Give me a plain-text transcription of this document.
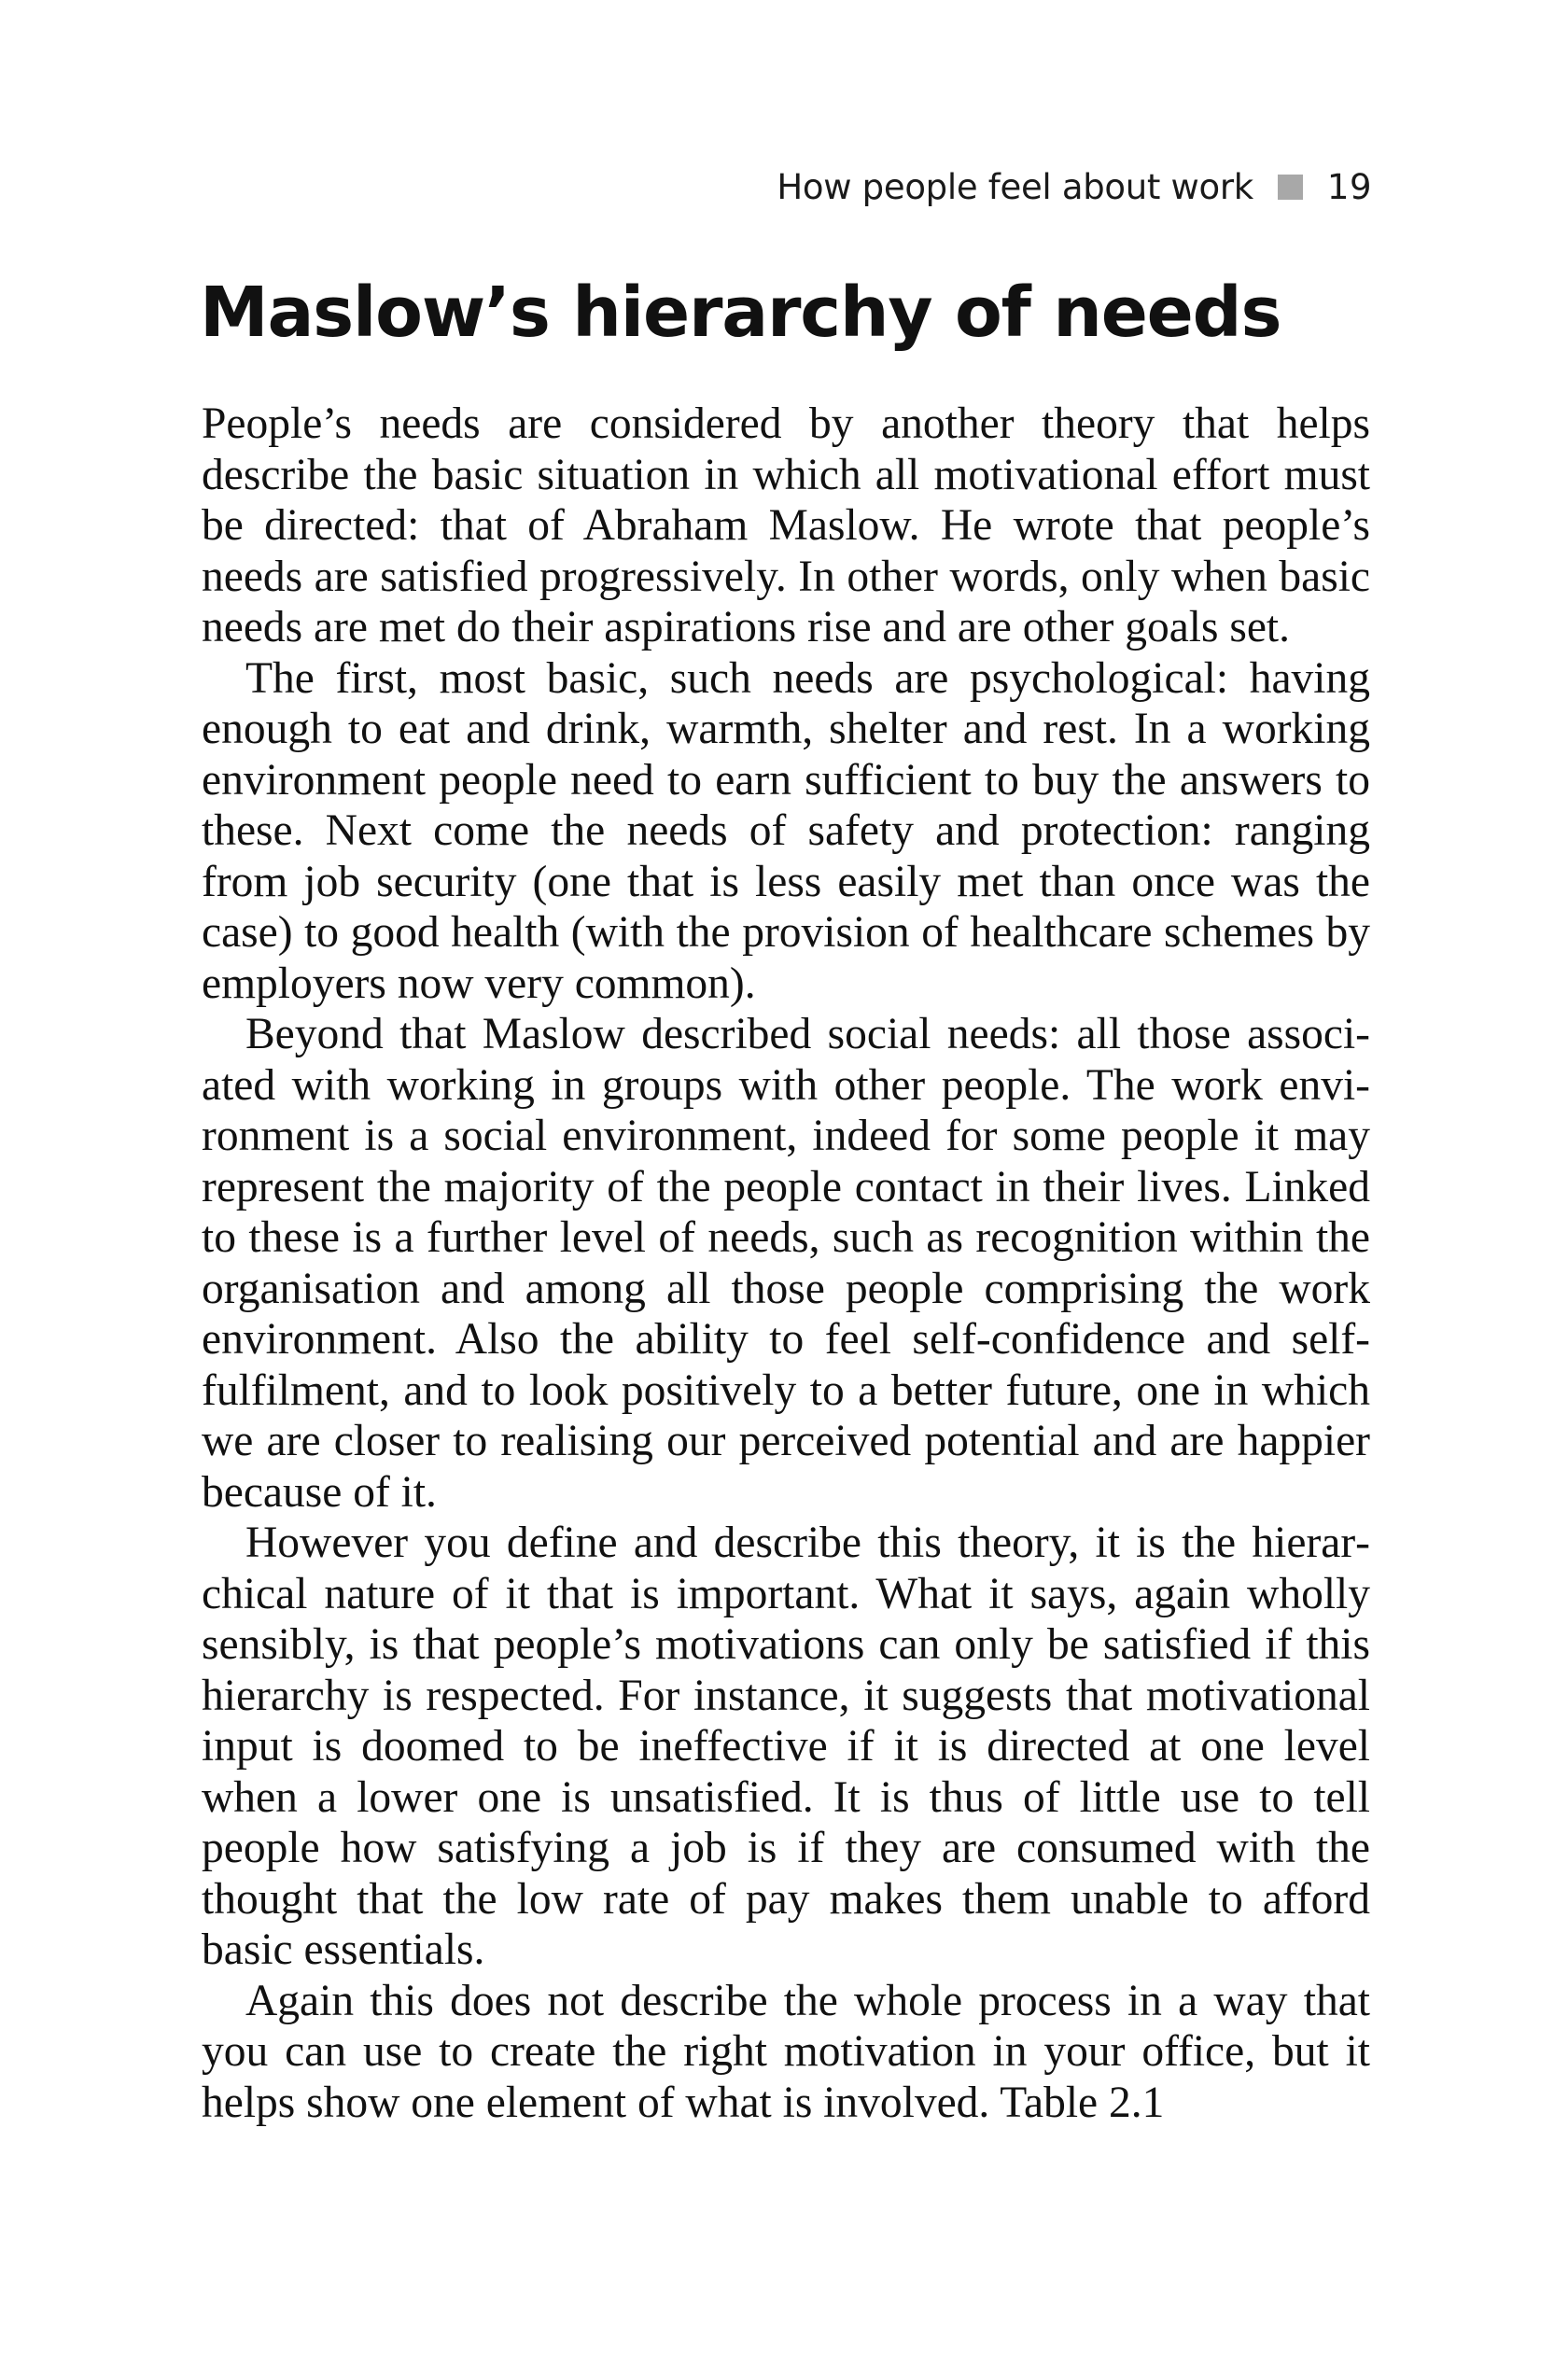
How people feel about work 19
Maslow’s hierarchy of needs

People’s needs are considered by another theory that helps describe the basic situation in which all motivational effort must be directed: that of Abraham Maslow. He wrote that people’s needs are satisfied progressively. In other words, only when basic needs are met do their aspirations rise and are other goals set.

The first, most basic, such needs are psychological: having enough to eat and drink, warmth, shelter and rest. In a working environment people need to earn sufficient to buy the answers to these. Next come the needs of safety and protection: ranging from job security (one that is less easily met than once was the case) to good health (with the provision of healthcare schemes by employers now very common).

Beyond that Maslow described social needs: all those associated with working in groups with other people. The work environment is a social environment, indeed for some people it may represent the majority of the people contact in their lives. Linked to these is a further level of needs, such as recognition within the organisation and among all those people comprising the work environment. Also the ability to feel self-confidence and self-fulfilment, and to look positively to a better future, one in which we are closer to realising our perceived potential and are happier because of it.

However you define and describe this theory, it is the hierarchical nature of it that is important. What it says, again wholly sensibly, is that people’s motivations can only be satisfied if this hierarchy is respected. For instance, it suggests that motivational input is doomed to be ineffective if it is directed at one level when a lower one is unsatisfied. It is thus of little use to tell people how satisfying a job is if they are consumed with the thought that the low rate of pay makes them unable to afford basic essentials.

Again this does not describe the whole process in a way that you can use to create the right motivation in your office, but it helps show one element of what is involved. Table 2.1
